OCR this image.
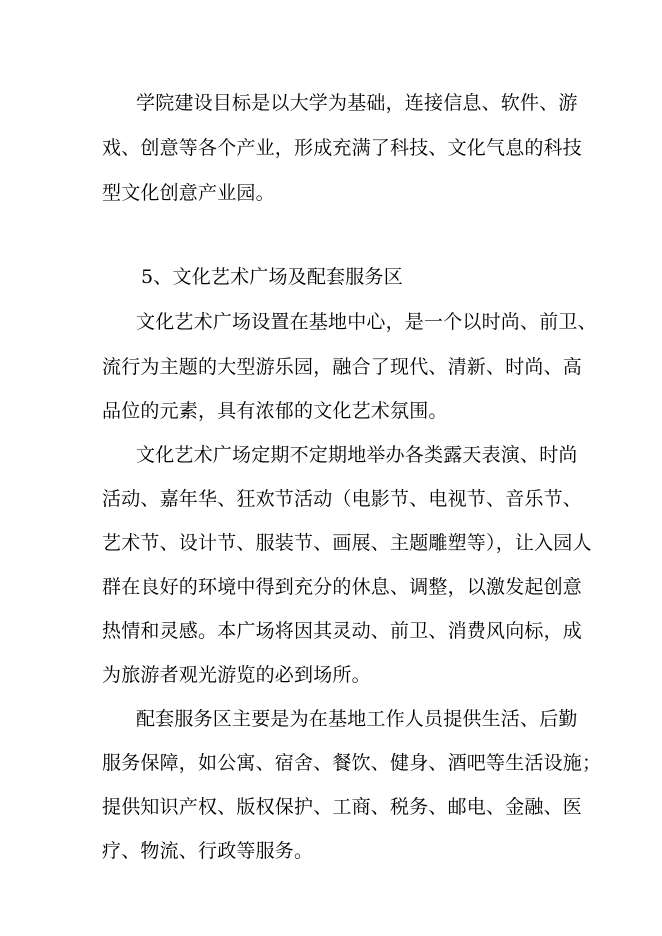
学院建设目标是以大学为基础，连接信息、软件、游
戏、创意等各个产业，形成充满了科技、文化气息的科技
型文化创意产业园。
5、文化艺术广场及配套服务区
文化艺术广场设置在基地中心，是一个以时尚、前卫、
流行为主题的大型游乐园，融合了现代、清新、时尚、高
品位的元素，具有浓郁的文化艺术氛围。
文化艺术广场定期不定期地举办各类露天表演、时尚
活动、嘉年华、狂欢节活动（电影节、电视节、音乐节、
艺术节、设计节、服装节、画展、主题雕塑等），让入园人
群在良好的环境中得到充分的休息、调整，以激发起创意
热情和灵感。本广场将因其灵动、前卫、消费风向标，成
为旅游者观光游览的必到场所。
配套服务区主要是为在基地工作人员提供生活、后勤
服务保障，如公寓、宿舍、餐饮、健身、酒吧等生活设施；
提供知识产权、版权保护、工商、税务、邮电、金融、医
疗、物流、行政等服务。
